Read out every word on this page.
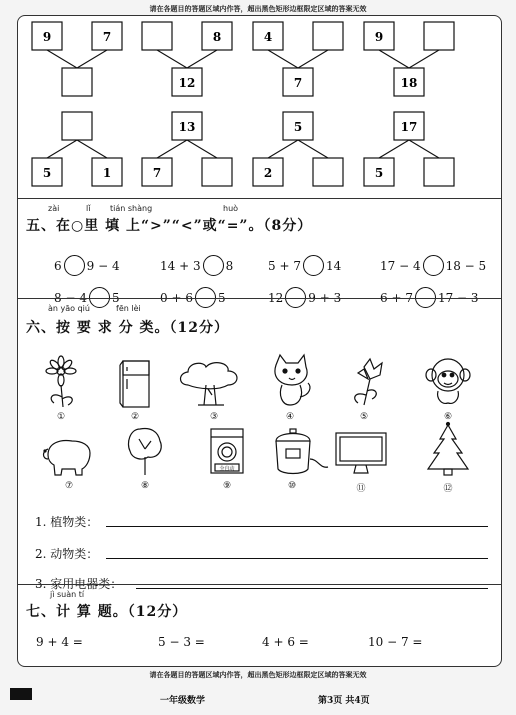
请在各题目的答题区域内作答，超出黑色矩形边框限定区域的答案无效
9	7	8
12
4
7
9
18
5	1
13
7
5
2
17
5
zài	lǐ tián shàng	huò
五、在○里 填 上“>”“<”或“=”。（8分）
6 9 − 4	14 + 3 8	5 + 7 14	17 − 4 18 − 5
8 − 4 5	0 + 6 5	12 9 + 3	6 + 7 17 − 3
àn yāo qiú	fēn lèi
六、按 要 求 分 类。（12分）
全自动
①	②	③	④	⑤	⑥
⑦	⑧	⑨	⑩	⑪	⑫
1. 植物类：
2. 动物类：
3. 家用电器类：
jì suàn tí
七、计 算 题。（12分）
9 + 4 =	5 − 3 =	4 + 6 =	10 − 7 =
请在各题目的答题区域内作答，超出黑色矩形边框限定区域的答案无效
一年级数学	第3页 共4页
